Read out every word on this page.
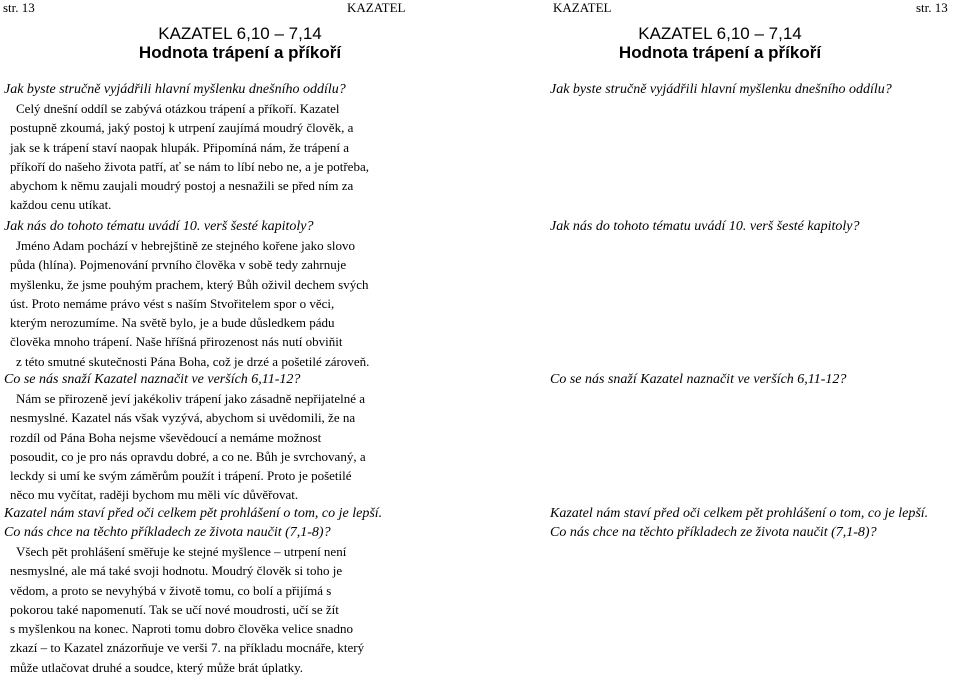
str. 13	KAZATEL
KAZATEL 6,10 – 7,14
Hodnota trápení a příkoří
Jak byste stručně vyjádřili hlavní myšlenku dnešního oddílu?
Celý dnešní oddíl se zabývá otázkou trápení a příkoří. Kazatel
postupně zkoumá, jaký postoj k utrpení zaujímá moudrý člověk, a
jak se k trápení staví naopak hlupák. Připomíná nám, že trápení a
příkoří do našeho života patří, ať se nám to líbí nebo ne, a je potřeba,
abychom k němu zaujali moudrý postoj a nesnažili se před ním za
každou cenu utíkat.
Jak nás do tohoto tématu uvádí 10. verš šesté kapitoly?
Jméno Adam pochází v hebrejštině ze stejného kořene jako slovo
půda (hlína). Pojmenování prvního člověka v sobě tedy zahrnuje
myšlenku, že jsme pouhým prachem, který Bůh oživil dechem svých
úst. Proto nemáme právo vést s naším Stvořitelem spor o věci,
kterým nerozumíme. Na světě bylo, je a bude důsledkem pádu
člověka mnoho trápení. Naše hříšná přirozenost nás nutí obviňit
z této smutné skutečnosti Pána Boha, což je drzé a pošetilé zároveň.
Co se nás snaží Kazatel naznačit ve verších 6,11-12?
Nám se přirozeně jeví jakékoliv trápení jako zásadně nepřijatelné a
nesmyslné. Kazatel nás však vyzývá, abychom si uvědomili, že na
rozdíl od Pána Boha nejsme vševědoucí a nemáme možnost
posoudit, co je pro nás opravdu dobré, a co ne. Bůh je svrchovaný, a
leckdy si umí ke svým záměrům použít i trápení. Proto je pošetilé
něco mu vyčítat, raději bychom mu měli víc důvěřovat.
Kazatel nám staví před oči celkem pět prohlášení o tom, co je lepší.
Co nás chce na těchto příkladech ze života naučit (7,1-8)?
Všech pět prohlášení směřuje ke stejné myšlence – utrpení není
nesmyslné, ale má také svoji hodnotu. Moudrý člověk si toho je
vědom, a proto se nevyhýbá v životě tomu, co bolí a přijímá s
pokorou také napomenutí. Tak se učí nové moudrosti, učí se žít
s myšlenkou na konec. Naproti tomu dobro člověka velice snadno
zkazí – to Kazatel znázorňuje ve verši 7. na příkladu mocnáře, který
může utlačovat druhé a soudce, který může brát úplatky.
KAZATEL	str. 13
KAZATEL 6,10 – 7,14
Hodnota trápení a příkoří
Jak byste stručně vyjádřili hlavní myšlenku dnešního oddílu?
Jak nás do tohoto tématu uvádí 10. verš šesté kapitoly?
Co se nás snaží Kazatel naznačit ve verších 6,11-12?
Kazatel nám staví před oči celkem pět prohlášení o tom, co je lepší.
Co nás chce na těchto příkladech ze života naučit (7,1-8)?
